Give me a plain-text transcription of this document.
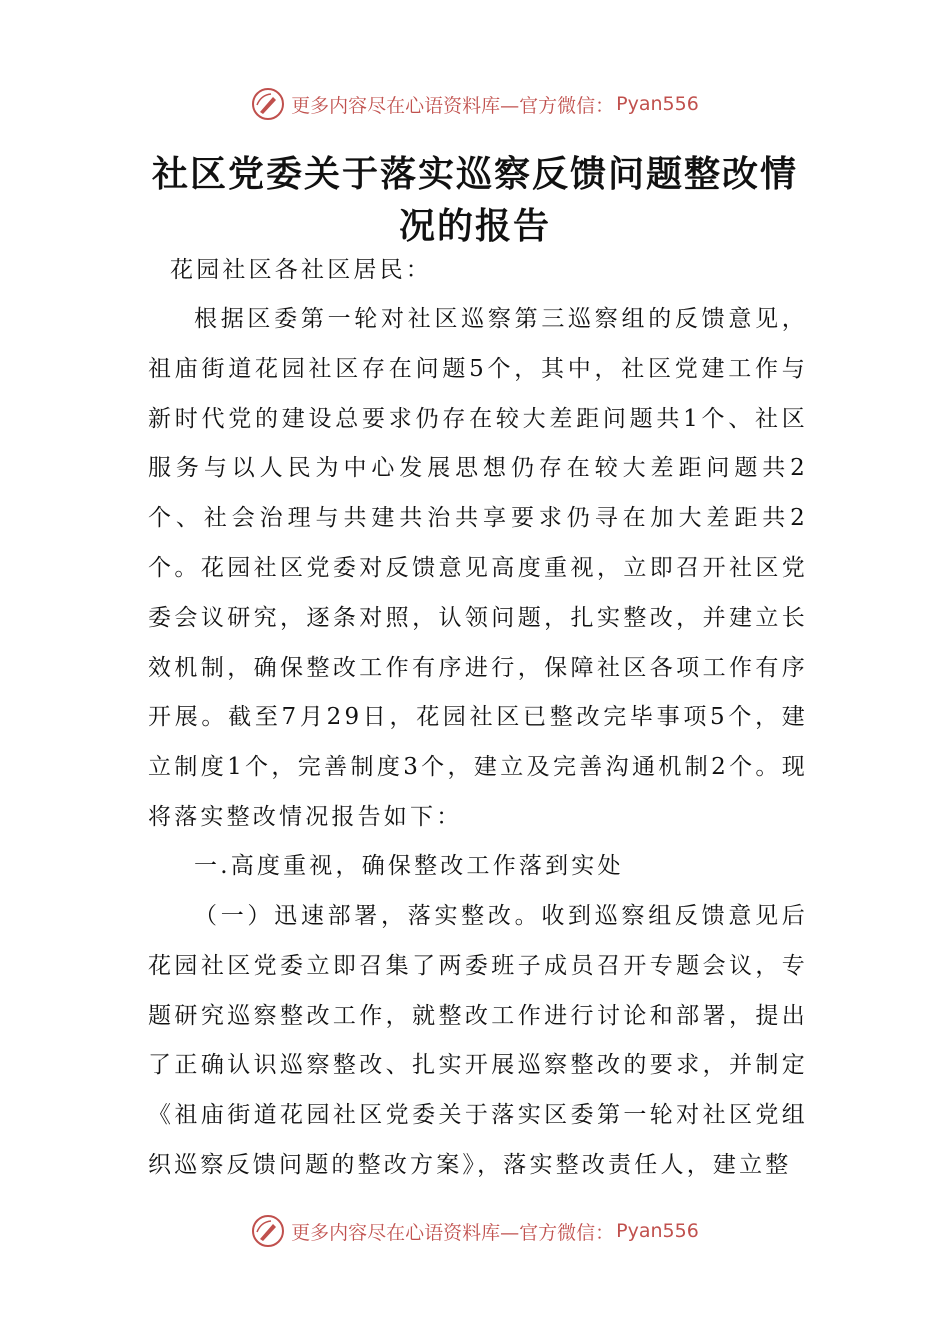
更多内容尽在心语资料库—官方微信： Pyan556
社区党委关于落实巡察反馈问题整改情况的报告
花园社区各社区居民：

根据区委第一轮对社区巡察第三巡察组的反馈意见，祖庙街道花园社区存在问题5个，其中，社区党建工作与新时代党的建设总要求仍存在较大差距问题共1个、社区服务与以人民为中心发展思想仍存在较大差距问题共2个、社会治理与共建共治共享要求仍寻在加大差距共2个。花园社区党委对反馈意见高度重视，立即召开社区党委会议研究，逐条对照，认领问题，扎实整改，并建立长效机制，确保整改工作有序进行，保障社区各项工作有序开展。截至7月29日，花园社区已整改完毕事项5个，建立制度1个，完善制度3个，建立及完善沟通机制2个。现将落实整改情况报告如下：

一.高度重视，确保整改工作落到实处

（一）迅速部署，落实整改。收到巡察组反馈意见后花园社区党委立即召集了两委班子成员召开专题会议，专题研究巡察整改工作，就整改工作进行讨论和部署，提出了正确认识巡察整改、扎实开展巡察整改的要求，并制定《祖庙街道花园社区党委关于落实区委第一轮对社区党组织巡察反馈问题的整改方案》，落实整改责任人，建立整

更多内容尽在心语资料库—官方微信： Pyan556
